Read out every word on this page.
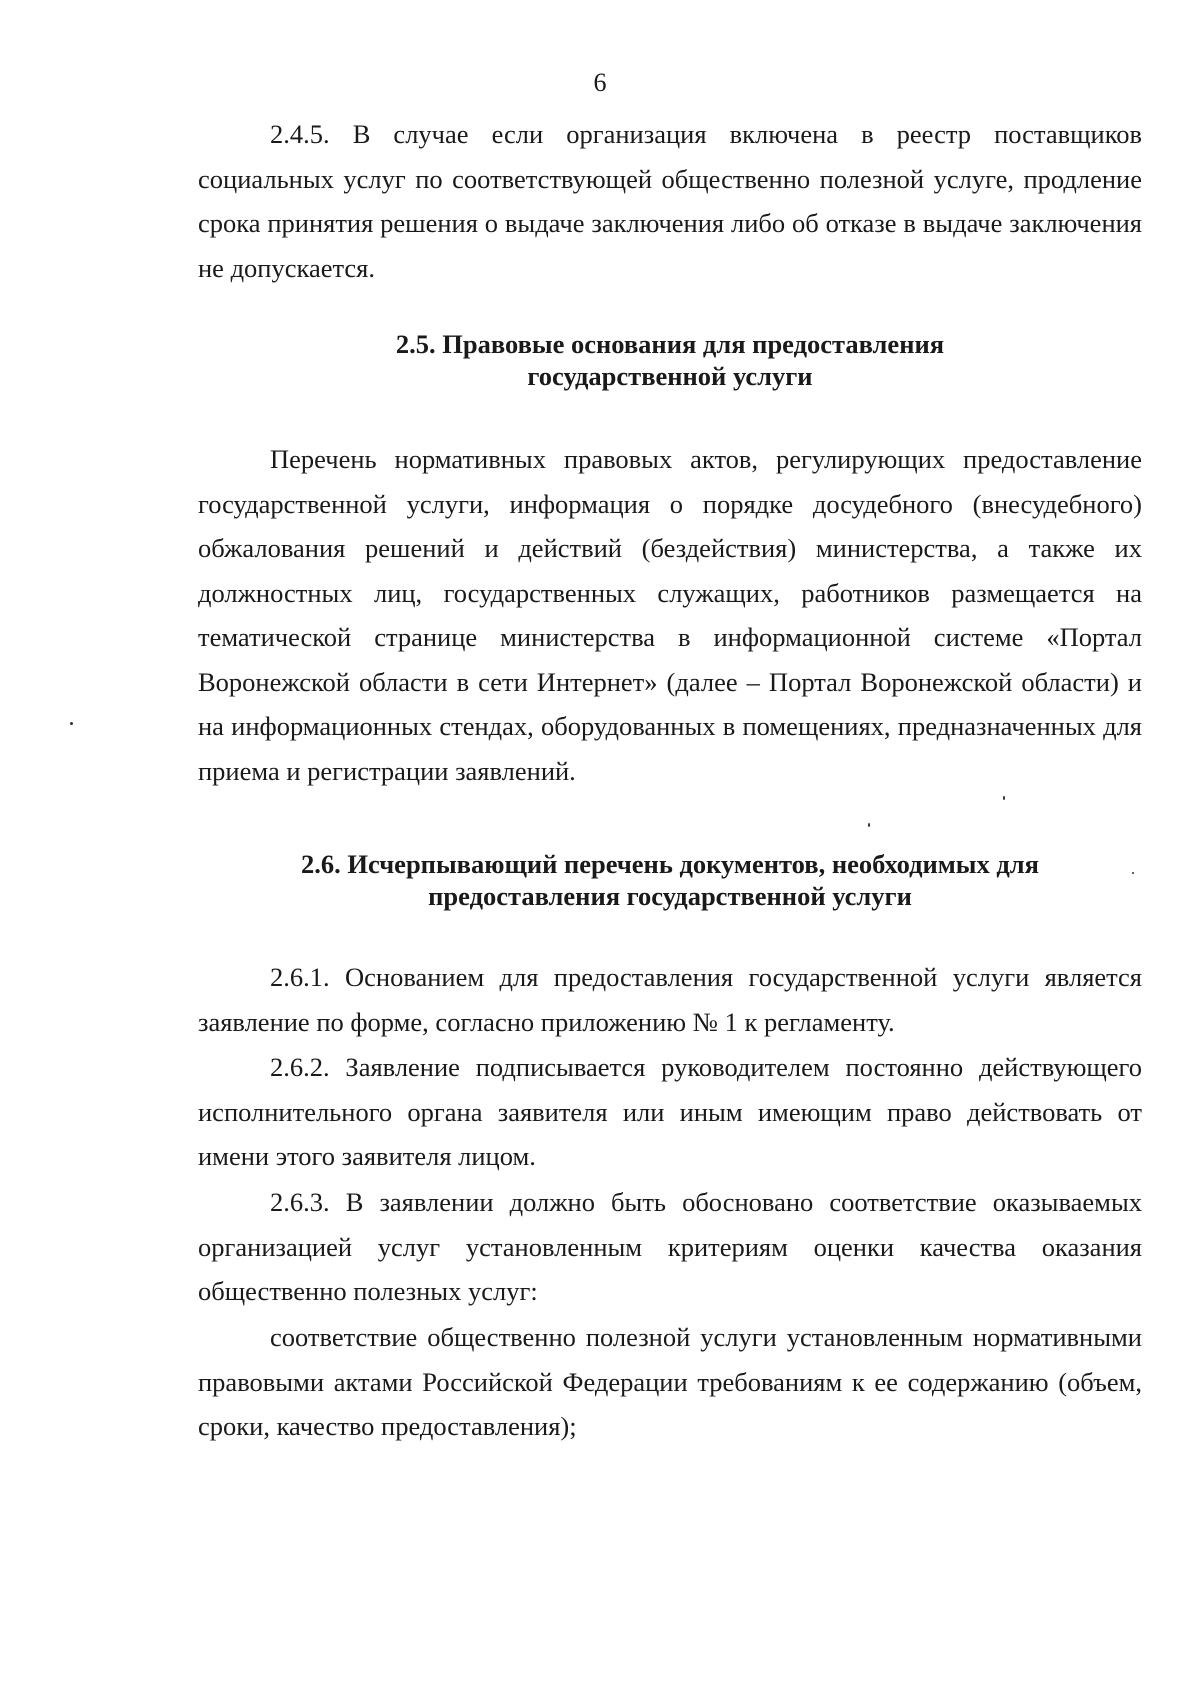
6

2.4.5. В случае если организация включена в реестр поставщиков социальных услуг по соответствующей общественно полезной услуге, продление срока принятия решения о выдаче заключения либо об отказе в выдаче заключения не допускается.

2.5. Правовые основания для предоставления
государственной услуги

Перечень нормативных правовых актов, регулирующих предоставление государственной услуги, информация о порядке досудебного (внесудебного) обжалования решений и действий (бездействия) министерства, а также их должностных лиц, государственных служащих, работников размещается на тематической странице министерства в информационной системе «Портал Воронежской области в сети Интернет» (далее – Портал Воронежской области) и на информационных стендах, оборудованных в помещениях, предназначенных для приема и регистрации заявлений.

2.6. Исчерпывающий перечень документов, необходимых для
предоставления государственной услуги

2.6.1. Основанием для предоставления государственной услуги является заявление по форме, согласно приложению № 1 к регламенту.

2.6.2. Заявление подписывается руководителем постоянно действующего исполнительного органа заявителя или иным имеющим право действовать от имени этого заявителя лицом.

2.6.3. В заявлении должно быть обосновано соответствие оказываемых организацией услуг установленным критериям оценки качества оказания общественно полезных услуг:

соответствие общественно полезной услуги установленным нормативными правовыми актами Российской Федерации требованиям к ее содержанию (объем, сроки, качество предоставления);
